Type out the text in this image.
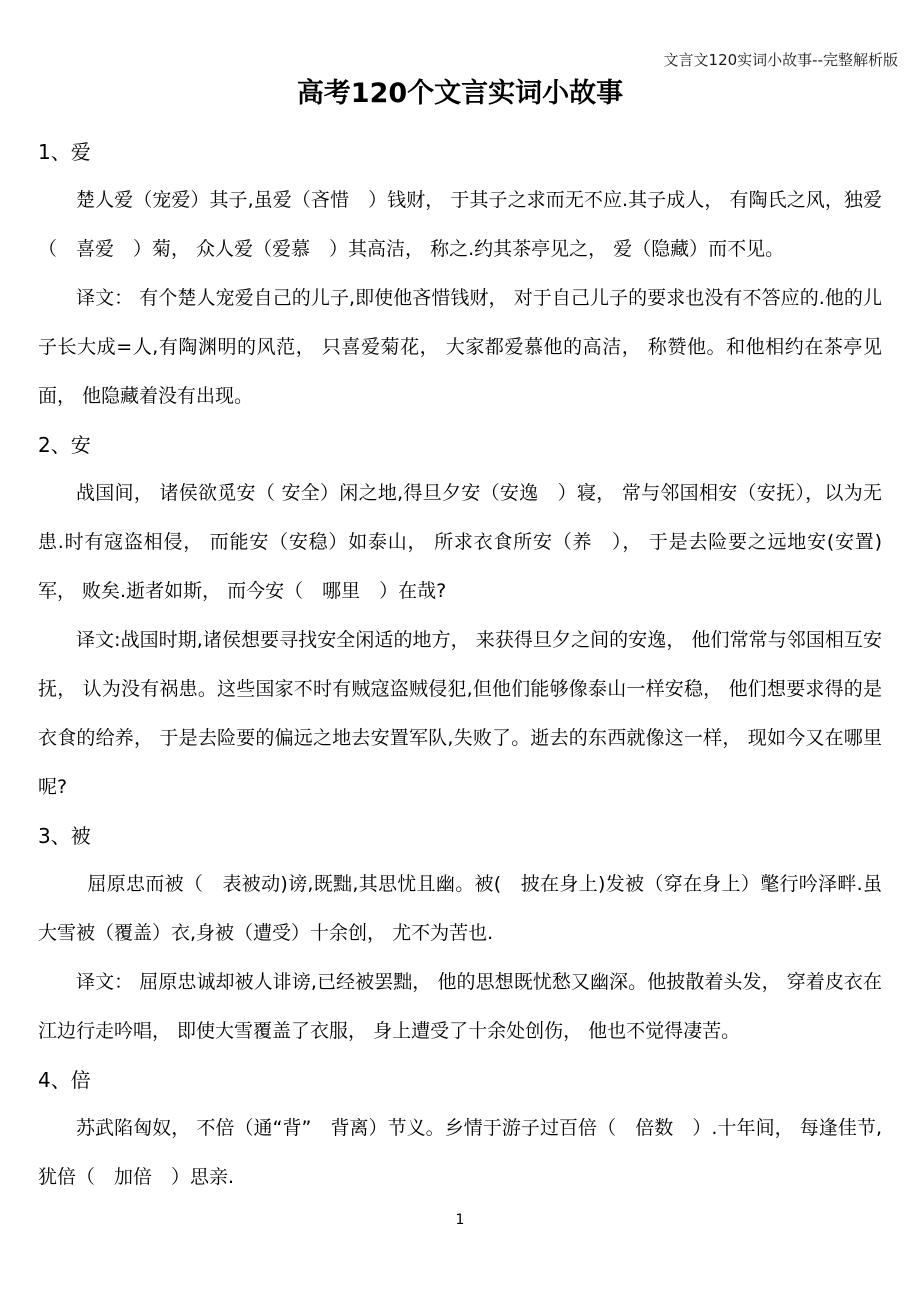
文言文120实词小故事--完整解析版
高考120个文言实词小故事
1、爱

楚人爱（宠爱）其子,虽爱（吝惜　）钱财， 于其子之求而无不应.其子成人， 有陶氏之风，独爱（　喜爱　）菊， 众人爱（爱慕　）其高洁， 称之.约其茶亭见之， 爱（隐藏）而不见。

译文： 有个楚人宠爱自己的儿子,即使他吝惜钱财， 对于自己儿子的要求也没有不答应的.他的儿子长大成=人,有陶渊明的风范， 只喜爱菊花， 大家都爱慕他的高洁， 称赞他。和他相约在茶亭见面， 他隐藏着没有出现。

2、安

战国间， 诸侯欲觅安（ 安全）闲之地,得旦夕安（安逸　）寝， 常与邻国相安（安抚），以为无患.时有寇盗相侵， 而能安（安稳）如泰山， 所求衣食所安（养　）， 于是去险要之远地安(安置)军， 败矣.逝者如斯， 而今安（　哪里　）在哉?

译文:战国时期,诸侯想要寻找安全闲适的地方， 来获得旦夕之间的安逸， 他们常常与邻国相互安抚， 认为没有祸患。这些国家不时有贼寇盗贼侵犯,但他们能够像泰山一样安稳， 他们想要求得的是衣食的给养， 于是去险要的偏远之地去安置军队,失败了。逝去的东西就像这一样， 现如今又在哪里呢?

3、被

屈原忠而被（　表被动)谤,既黜,其思忧且幽。被(　披在身上)发被（穿在身上）氅行吟泽畔.虽大雪被（覆盖）衣,身被（遭受）十余创， 尤不为苦也.

译文： 屈原忠诚却被人诽谤,已经被罢黜， 他的思想既忧愁又幽深。他披散着头发， 穿着皮衣在江边行走吟唱， 即使大雪覆盖了衣服， 身上遭受了十余处创伤， 他也不觉得凄苦。

4、倍

苏武陷匈奴， 不倍（通“背”　背离）节义。乡情于游子过百倍（　倍数　）.十年间， 每逢佳节,犹倍（　加倍　）思亲.

1
